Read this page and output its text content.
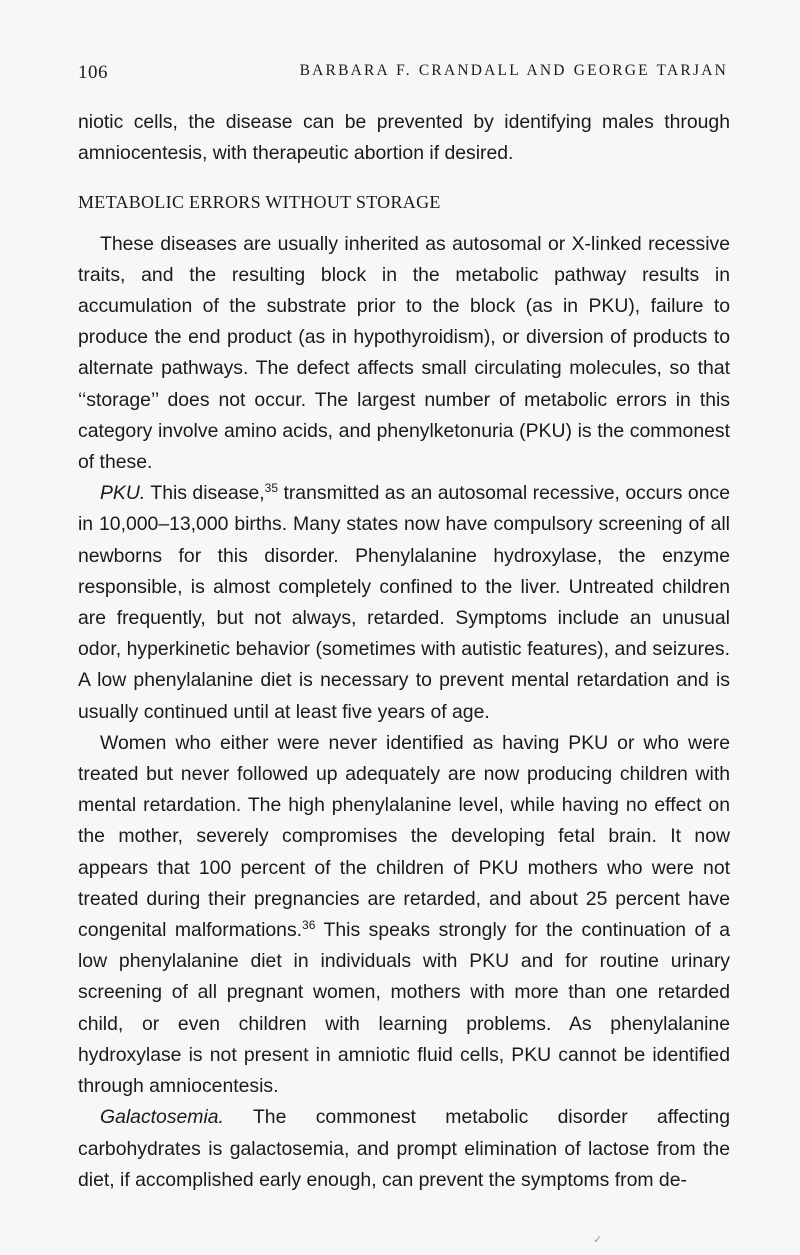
106	BARBARA F. CRANDALL AND GEORGE TARJAN

niotic cells, the disease can be prevented by identifying males through amniocentesis, with therapeutic abortion if desired.

METABOLIC ERRORS WITHOUT STORAGE

These diseases are usually inherited as autosomal or X-linked recessive traits, and the resulting block in the metabolic pathway results in accumulation of the substrate prior to the block (as in PKU), failure to produce the end product (as in hypothyroidism), or diversion of products to alternate pathways. The defect affects small circulating molecules, so that ‘‘storage’’ does not occur. The largest number of metabolic errors in this category involve amino acids, and phenylketonuria (PKU) is the commonest of these.

PKU. This disease,$^{35}$ transmitted as an autosomal recessive, occurs once in 10,000–13,000 births. Many states now have compulsory screening of all newborns for this disorder. Phenylalanine hydroxylase, the enzyme responsible, is almost completely confined to the liver. Untreated children are frequently, but not always, retarded. Symptoms include an unusual odor, hyperkinetic behavior (sometimes with autistic features), and seizures. A low phenylalanine diet is necessary to prevent mental retardation and is usually continued until at least five years of age.

Women who either were never identified as having PKU or who were treated but never followed up adequately are now producing children with mental retardation. The high phenylalanine level, while having no effect on the mother, severely compromises the developing fetal brain. It now appears that 100 percent of the children of PKU mothers who were not treated during their pregnancies are retarded, and about 25 percent have congenital malformations.$^{36}$ This speaks strongly for the continuation of a low phenylalanine diet in individuals with PKU and for routine urinary screening of all pregnant women, mothers with more than one retarded child, or even children with learning problems. As phenylalanine hydroxylase is not present in amniotic fluid cells, PKU cannot be identified through amniocentesis.

Galactosemia. The commonest metabolic disorder affecting carbohydrates is galactosemia, and prompt elimination of lactose from the diet, if accomplished early enough, can prevent the symptoms from de-

✓
